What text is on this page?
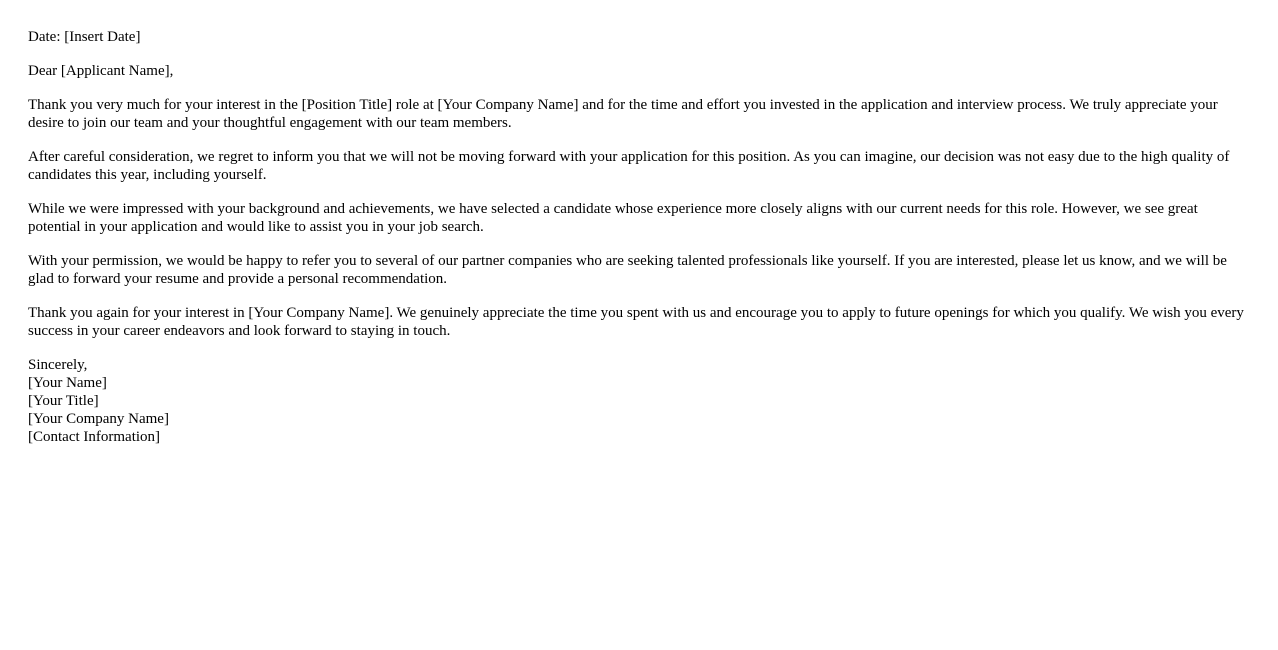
Date: [Insert Date]

Dear [Applicant Name],

Thank you very much for your interest in the [Position Title] role at [Your Company Name] and for the time and effort you invested in the application and interview process. We truly appreciate your desire to join our team and your thoughtful engagement with our team members.

After careful consideration, we regret to inform you that we will not be moving forward with your application for this position. As you can imagine, our decision was not easy due to the high quality of candidates this year, including yourself.

While we were impressed with your background and achievements, we have selected a candidate whose experience more closely aligns with our current needs for this role. However, we see great potential in your application and would like to assist you in your job search.

With your permission, we would be happy to refer you to several of our partner companies who are seeking talented professionals like yourself. If you are interested, please let us know, and we will be glad to forward your resume and provide a personal recommendation.

Thank you again for your interest in [Your Company Name]. We genuinely appreciate the time you spent with us and encourage you to apply to future openings for which you qualify. We wish you every success in your career endeavors and look forward to staying in touch.

Sincerely,
[Your Name]
[Your Title]
[Your Company Name]
[Contact Information]
